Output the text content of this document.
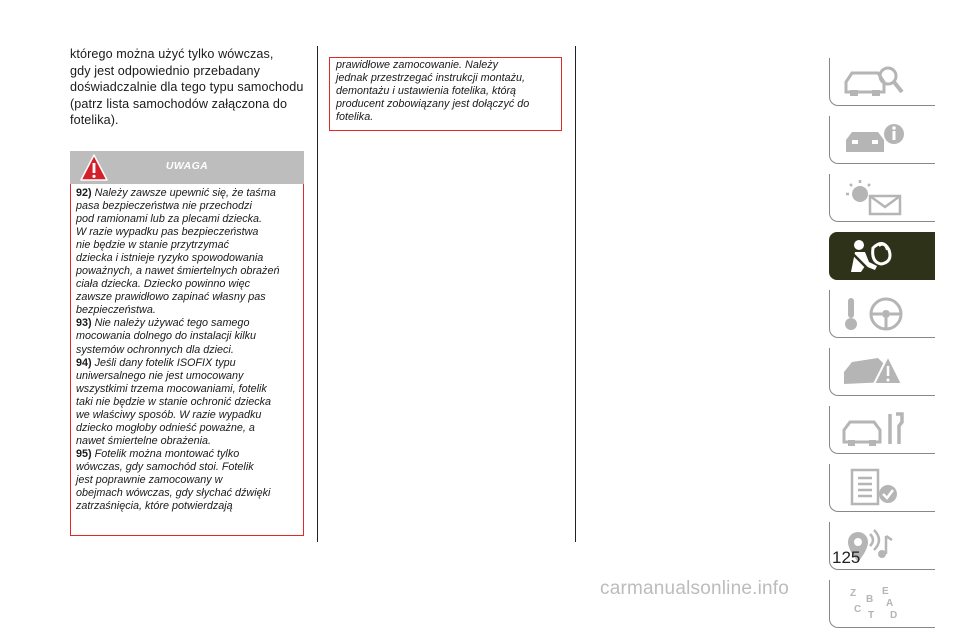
którego można użyć tylko wówczas,
gdy jest odpowiednio przebadany
doświadczalnie dla tego typu samochodu
(patrz lista samochodów załączona do
fotelika).
UWAGA

92) Należy zawsze upewnić się, że taśma

pasa bezpieczeństwa nie przechodzi

pod ramionami lub za plecami dziecka.

W razie wypadku pas bezpieczeństwa

nie będzie w stanie przytrzymać

dziecka i istnieje ryzyko spowodowania

poważnych, a nawet śmiertelnych obrażeń

ciała dziecka. Dziecko powinno więc

zawsze prawidłowo zapinać własny pas

bezpieczeństwa.

93) Nie należy używać tego samego

mocowania dolnego do instalacji kilku

systemów ochronnych dla dzieci.

94) Jeśli dany fotelik ISOFIX typu

uniwersalnego nie jest umocowany

wszystkimi trzema mocowaniami, fotelik

taki nie będzie w stanie ochronić dziecka

we właściwy sposób. W razie wypadku

dziecko mogłoby odnieść poważne, a

nawet śmiertelne obrażenia.

95) Fotelik można montować tylko

wówczas, gdy samochód stoi. Fotelik

jest poprawnie zamocowany w

obejmach wówczas, gdy słychać dźwięki

zatrzaśnięcia, które potwierdzają

prawidłowe zamocowanie. Należy

jednak przestrzegać instrukcji montażu,

demontażu i ustawienia fotelika, którą

producent zobowiązany jest dołączyć do

fotelika.

Z	E
B A
C
T D
125
carmanualsonline.info
